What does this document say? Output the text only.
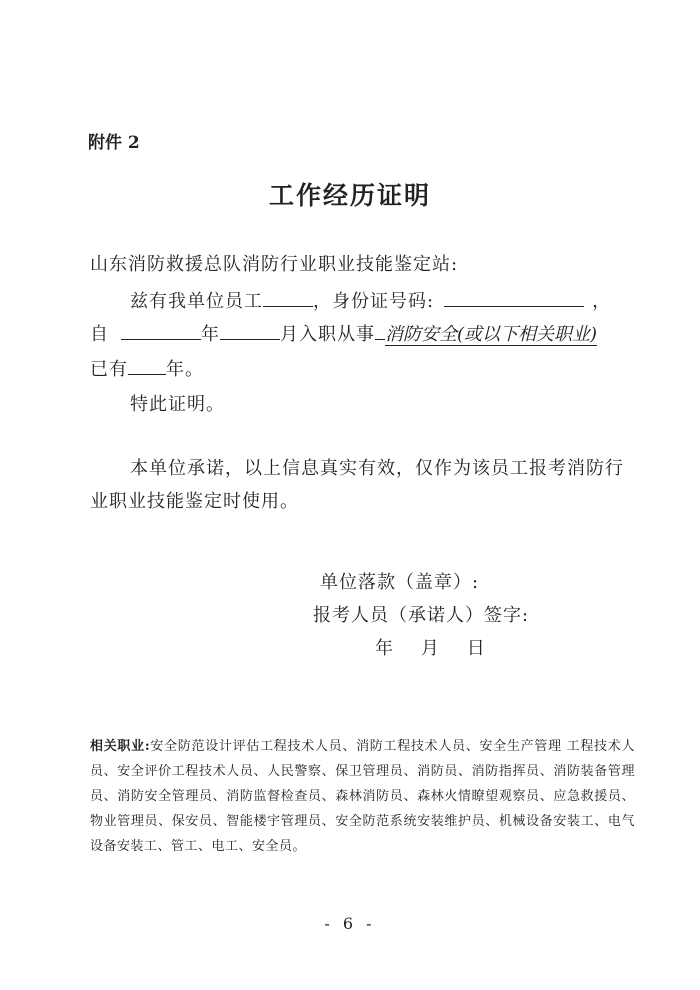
附件 2
工作经历证明
山东消防救援总队消防行业职业技能鉴定站:
兹有我单位员工	，身份证号码:	，
自	年	月入职从事 消防安全(或以下相关职业)
已有 年。
特此证明。
本单位承诺，以上信息真实有效，仅作为该员工报考消防行
业职业技能鉴定时使用。
单位落款（盖章）:
报考人员（承诺人）签字:
年    月    日
相关职业:安全防范设计评估工程技术人员、消防工程技术人员、安全生产管理 工程技术人员、安全评价工程技术人员、人民警察、保卫管理员、消防员、消防指挥员、消防装备管理员、消防安全管理员、消防监督检查员、森林消防员、森林火情瞭望观察员、应急救援员、物业管理员、保安员、智能楼宇管理员、安全防范系统安装维护员、机械设备安装工、电气设备安装工、管工、电工、安全员。
- 6 -
